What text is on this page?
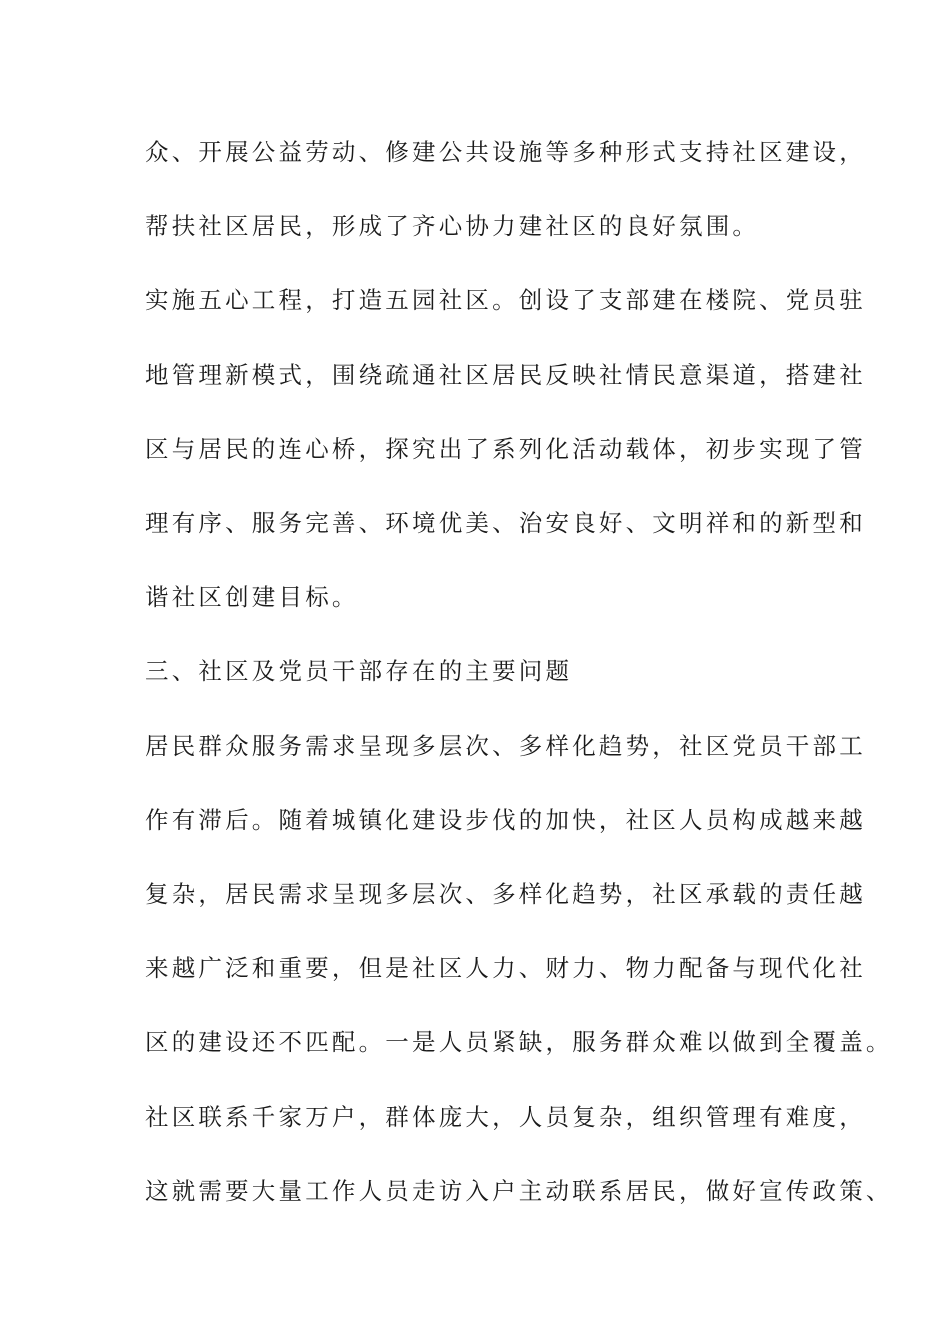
众、开展公益劳动、修建公共设施等多种形式支持社区建设，

帮扶社区居民，形成了齐心协力建社区的良好氛围。

实施五心工程，打造五园社区。创设了支部建在楼院、党员驻

地管理新模式，围绕疏通社区居民反映社情民意渠道，搭建社

区与居民的连心桥，探究出了系列化活动载体，初步实现了管

理有序、服务完善、环境优美、治安良好、文明祥和的新型和

谐社区创建目标。

三、社区及党员干部存在的主要问题

居民群众服务需求呈现多层次、多样化趋势，社区党员干部工

作有滞后。随着城镇化建设步伐的加快，社区人员构成越来越

复杂，居民需求呈现多层次、多样化趋势，社区承载的责任越

来越广泛和重要，但是社区人力、财力、物力配备与现代化社

区的建设还不匹配。一是人员紧缺，服务群众难以做到全覆盖。

社区联系千家万户，群体庞大，人员复杂，组织管理有难度，

这就需要大量工作人员走访入户主动联系居民，做好宣传政策、
